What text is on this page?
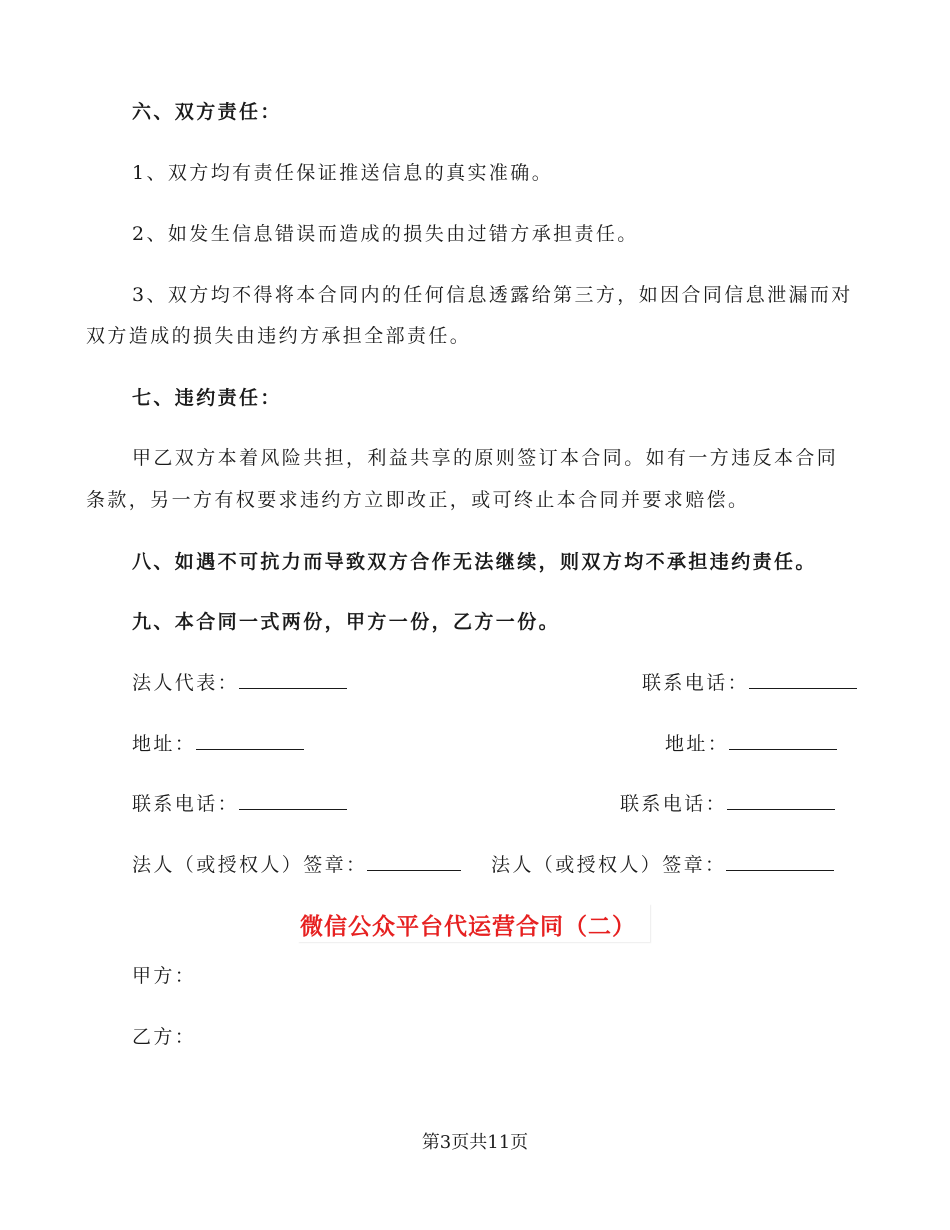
六、双方责任：
1、双方均有责任保证推送信息的真实准确。
2、如发生信息错误而造成的损失由过错方承担责任。
3、双方均不得将本合同内的任何信息透露给第三方，如因合同信息泄漏而对
双方造成的损失由违约方承担全部责任。
七、违约责任：
甲乙双方本着风险共担，利益共享的原则签订本合同。如有一方违反本合同
条款，另一方有权要求违约方立即改正，或可终止本合同并要求赔偿。
八、如遇不可抗力而导致双方合作无法继续，则双方均不承担违约责任。
九、本合同一式两份，甲方一份，乙方一份。
法人代表：
地址：
联系电话：
法人（或授权人）签章：
联系电话：
地址：
联系电话：
法人（或授权人）签章：
微信公众平台代运营合同（二）
甲方：
乙方：
第3页共11页
